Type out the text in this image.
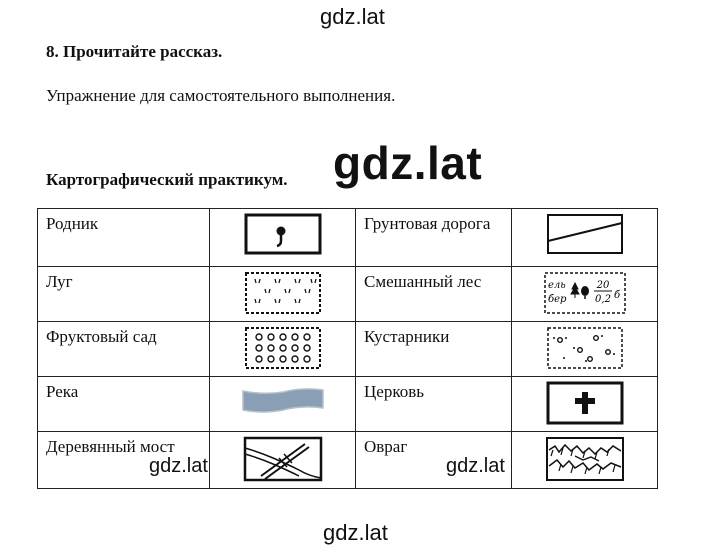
gdz.lat
8. Прочитайте рассказ.
Упражнение для самостоятельного выполнения.
Картографический практикум. gdz.lat
Родник		Грунтовая дорога	

Луг		Смешанный лес	ель
бер
20
0,2 б

Фруктовый сад		Кустарники	

Река		Церковь	

Деревянный мост		Овраг	
gdz.lat	gdz.lat
gdz.lat
